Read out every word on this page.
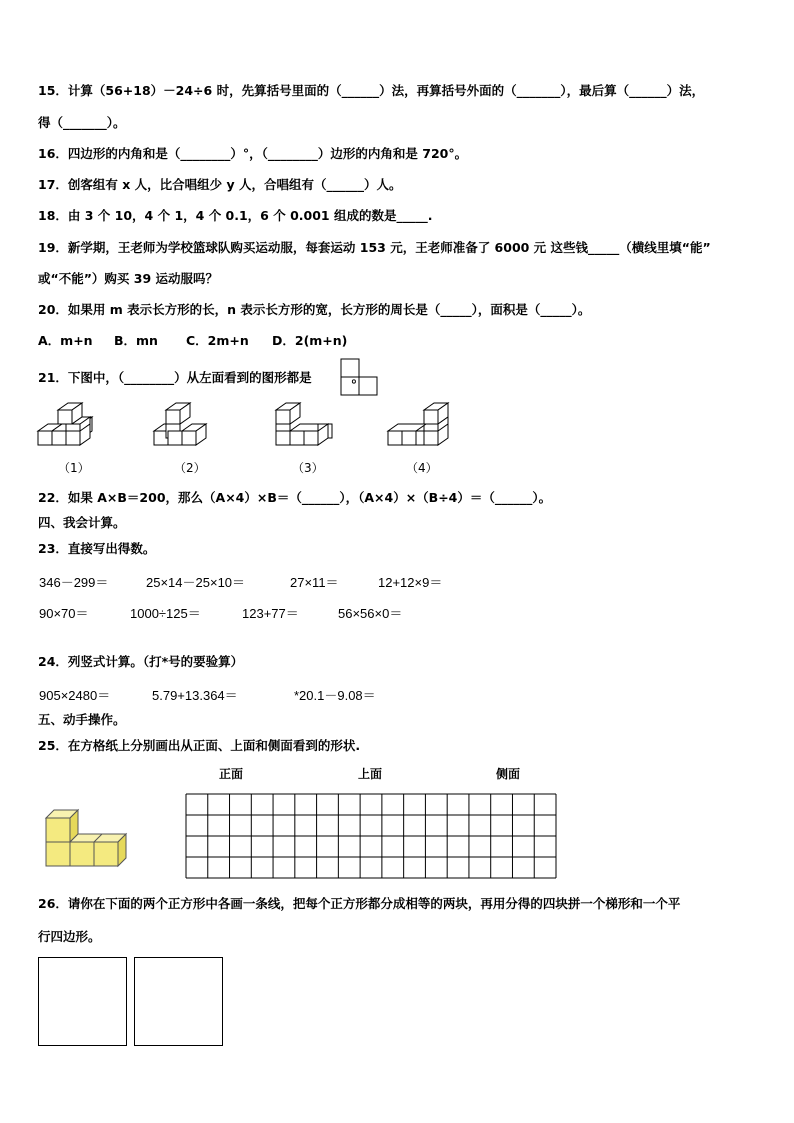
15．计算（56+18）－24÷6 时，先算括号里面的（______）法，再算括号外面的（_______），最后算（______）法，
得（_______）。
16．四边形的内角和是（________）°，（________）边形的内角和是 720°。
17．创客组有 x 人，比合唱组少 y 人，合唱组有（______）人。
18．由 3 个 10，4 个 1，4 个 0.1，6 个 0.001 组成的数是_____.
19．新学期，王老师为学校篮球队购买运动服，每套运动 153 元，王老师准备了 6000 元 这些钱_____（横线里填“能”
或“不能”）购买 39 运动服吗？
20．如果用 m 表示长方形的长，n 表示长方形的宽，长方形的周长是（_____），面积是（_____）。
A．m+n B．mn C．2m+n D．2(m+n)
21．下图中，（________）从左面看到的图形都是	。
（1）	（2）	（3）	（4）
22．如果 A×B＝200，那么（A×4）×B＝（______），（A×4）×（B÷4）＝（______）。
四、我会计算。
23．直接写出得数。
346－299＝	25×14－25×10＝	27×11＝	12+12×9＝
90×70＝	1000÷125＝	123+77＝	56×56×0＝
24．列竖式计算。（打*号的要验算）
905×2480＝	5.79+13.364＝	*20.1－9.08＝
五、动手操作。
25．在方格纸上分别画出从正面、上面和侧面看到的形状.
正面	上面	侧面
26．请你在下面的两个正方形中各画一条线，把每个正方形都分成相等的两块，再用分得的四块拼一个梯形和一个平
行四边形。
